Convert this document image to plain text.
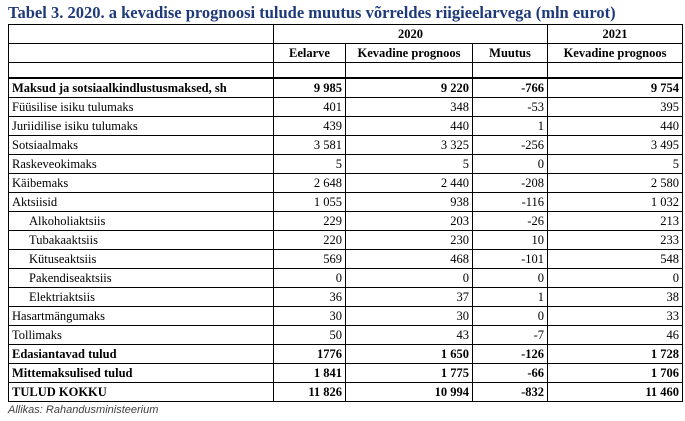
Tabel 3. 2020. a kevadise prognoosi tulude muutus võrreldes riigieelarvega (mln eurot)
	2020			2021
	Eelarve	Kevadine prognoos	Muutus	Kevadine prognoos

Maksud ja sotsiaalkindlustusmaksed, sh	9 985	9 220	-766	9 754
Füüsilise isiku tulumaks	401	348	-53	395
Juriidilise isiku tulumaks	439	440	1	440
Sotsiaalmaks	3 581	3 325	-256	3 495
Raskeveokimaks	5	5	0	5
Käibemaks	2 648	2 440	-208	2 580
Aktsiisid	1 055	938	-116	1 032
Alkoholiaktsiis	229	203	-26	213
Tubakaaktsiis	220	230	10	233
Kütuseaktsiis	569	468	-101	548
Pakendiseaktsiis	0	0	0	0
Elektriaktsiis	36	37	1	38
Hasartmängumaks	30	30	0	33
Tollimaks	50	43	-7	46
Edasiantavad tulud	1776	1 650	-126	1 728
Mittemaksulised tulud	1 841	1 775	-66	1 706
TULUD KOKKU	11 826	10 994	-832	11 460
Allikas: Rahandusministeerium
